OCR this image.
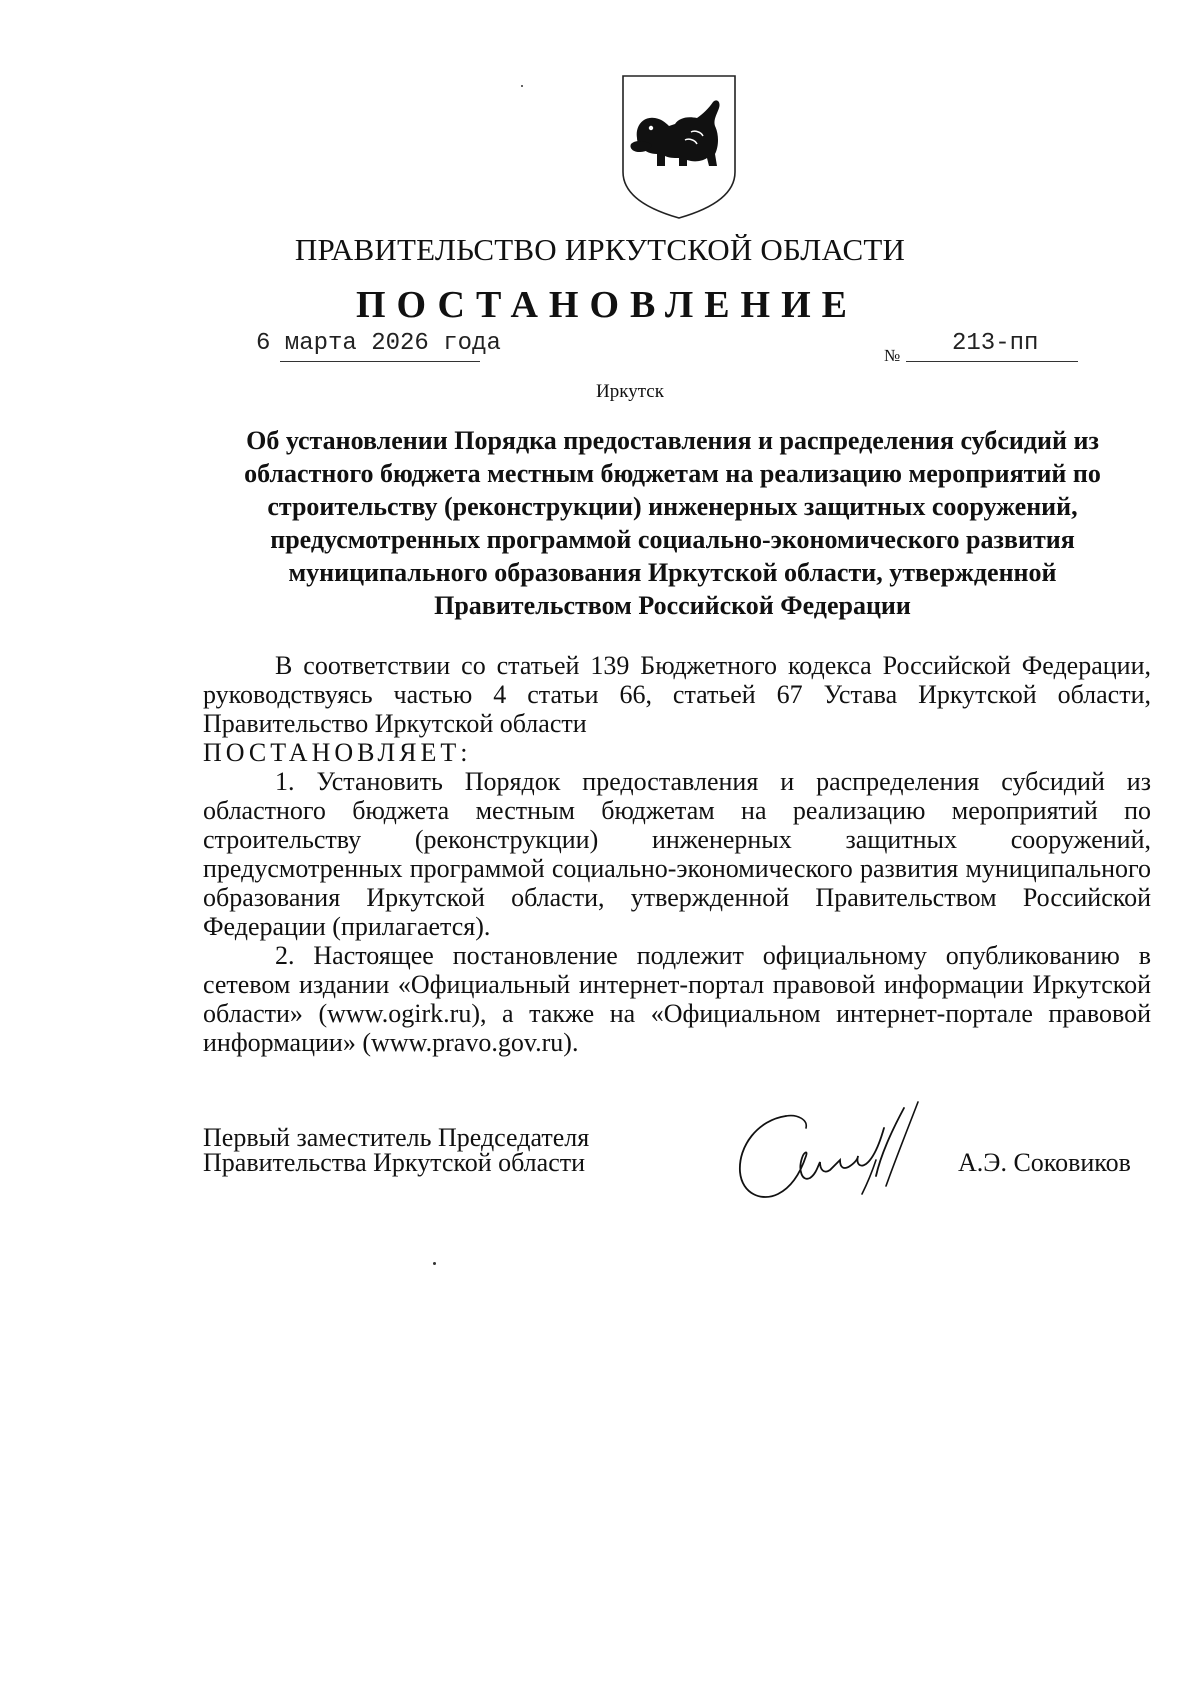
ПРАВИТЕЛЬСТВО ИРКУТСКОЙ ОБЛАСТИ
ПОСТАНОВЛЕНИЕ
6 марта 2026 года	№ 213-пп
Иркутск
Об установлении Порядка предоставления и распределения субсидий из областного бюджета местным бюджетам на реализацию мероприятий по строительству (реконструкции) инженерных защитных сооружений, предусмотренных программой социально-экономического развития муниципального образования Иркутской области, утвержденной Правительством Российской Федерации
В соответствии со статьей 139 Бюджетного кодекса Российской Федерации, руководствуясь частью 4 статьи 66, статьей 67 Устава Иркутской области, Правительство Иркутской области
ПОСТАНОВЛЯЕТ:
1. Установить Порядок предоставления и распределения субсидий из областного бюджета местным бюджетам на реализацию мероприятий по строительству (реконструкции) инженерных защитных сооружений, предусмотренных программой социально-экономического развития муниципального образования Иркутской области, утвержденной Правительством Российской Федерации (прилагается).
2. Настоящее постановление подлежит официальному опубликованию в сетевом издании «Официальный интернет-портал правовой информации Иркутской области» (www.ogirk.ru), а также на «Официальном интернет-портале правовой информации» (www.pravo.gov.ru).
Первый заместитель Председателя
Правительства Иркутской области	А.Э. Соковиков
